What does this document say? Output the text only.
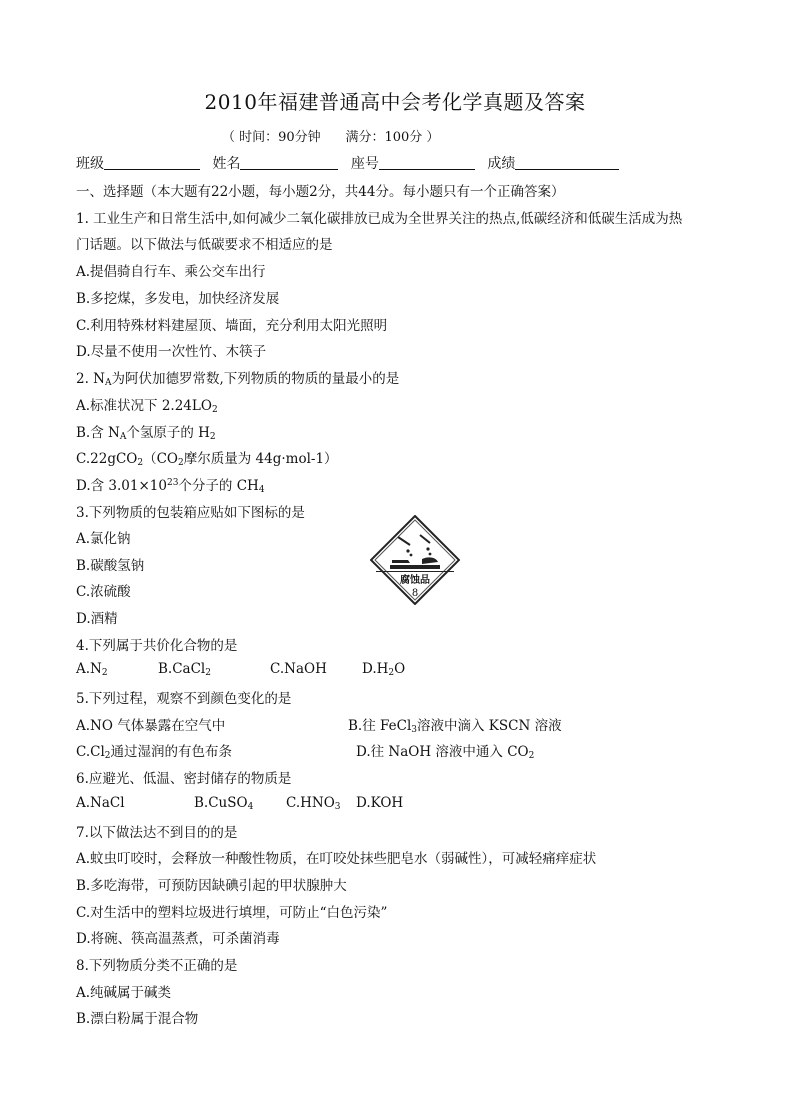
2010年福建普通高中会考化学真题及答案
（ 时间：90分钟      满分：100分 ）
班级	姓名	座号	成绩
一、选择题（本大题有22小题，每小题2分，共44分。每小题只有一个正确答案）
1. 工业生产和日常生活中,如何减少二氧化碳排放已成为全世界关注的热点,低碳经济和低碳生活成为热
门话题。以下做法与低碳要求不相适应的是
A.提倡骑自行车、乘公交车出行
B.多挖煤，多发电，加快经济发展
C.利用特殊材料建屋顶、墙面，充分利用太阳光照明
D.尽量不使用一次性竹、木筷子
2. $N_A$为阿伏加德罗常数,下列物质的物质的量最小的是
A.标准状况下 $2.24LO_2$
B.含 $N_A$个氢原子的 $H_2$
$C.22gCO_2(CO_2$摩尔质量为 44g·mol-1）
D.含 $3.01\times 10^{23}$个分子的 $CH_4$
3.下列物质的包装箱应贴如下图标的是
A.氯化钠
B.碳酸氢钠
C.浓硫酸
D.酒精
腐蚀品
8
4.下列属于共价化合物的是
A.N2	B.CaCl2	C.NaOH	D.H2O
5.下列过程，观察不到颜色变化的是
A.NO 气体暴露在空气中	B.往 FeCl$_3$溶液中滴入 KSCN 溶液
$C.Cl_2$通过湿润的有色布条	D.往 NaOH 溶液中通入 $CO_2$
6.应避光、低温、密封储存的物质是
A.NaCl	B.CuSO4 C.HNO3 D.KOH
7.以下做法达不到目的的是
A.蚊虫叮咬时，会释放一种酸性物质，在叮咬处抹些肥皂水（弱碱性），可减轻痛痒症状
B.多吃海带，可预防因缺碘引起的甲状腺肿大
C.对生活中的塑料垃圾进行填埋，可防止“白色污染”
D.将碗、筷高温蒸煮，可杀菌消毒
8.下列物质分类不正确的是
A.纯碱属于碱类
B.漂白粉属于混合物
